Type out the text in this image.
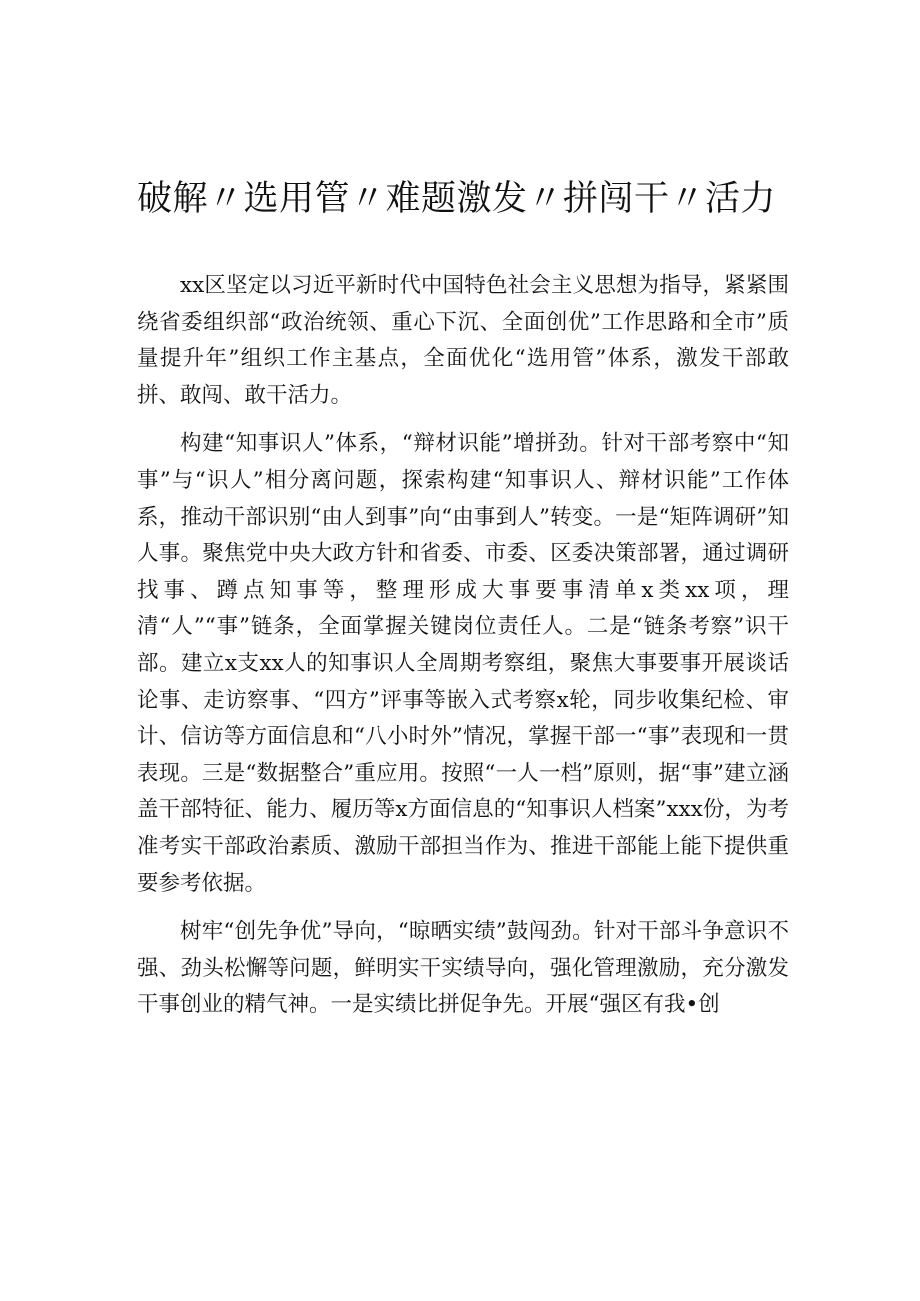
破解〃选用管〃难题激发〃拼闯干〃活力

xx区坚定以习近平新时代中国特色社会主义思想为指导，紧紧围绕省委组织部“政治统领、重心下沉、全面创优”工作思路和全市”质量提升年”组织工作主基点，全面优化“选用管”体系，激发干部敢拼、敢闯、敢干活力。

构建“知事识人”体系，“辩材识能”增拼劲。针对干部考察中“知事”与“识人”相分离问题，探索构建“知事识人、辩材识能”工作体系，推动干部识别“由人到事”向“由事到人”转变。一是“矩阵调研”知人事。聚焦党中央大政方针和省委、市委、区委决策部署，通过调研找事、蹲点知事等，整理形成大事要事清单x类xx项，理清“人”“事”链条，全面掌握关键岗位责任人。二是“链条考察”识干部。建立x支xx人的知事识人全周期考察组，聚焦大事要事开展谈话论事、走访察事、“四方”评事等嵌入式考察x轮，同步收集纪检、审计、信访等方面信息和“八小时外”情况，掌握干部一“事”表现和一贯表现。三是“数据整合”重应用。按照“一人一档”原则，据“事”建立涵盖干部特征、能力、履历等x方面信息的“知事识人档案”xxx份，为考准考实干部政治素质、激励干部担当作为、推进干部能上能下提供重要参考依据。

树牢“创先争优”导向，“晾晒实绩”鼓闯劲。针对干部斗争意识不强、劲头松懈等问题，鲜明实干实绩导向，强化管理激励，充分激发干事创业的精气神。一是实绩比拼促争先。开展“强区有我•创
